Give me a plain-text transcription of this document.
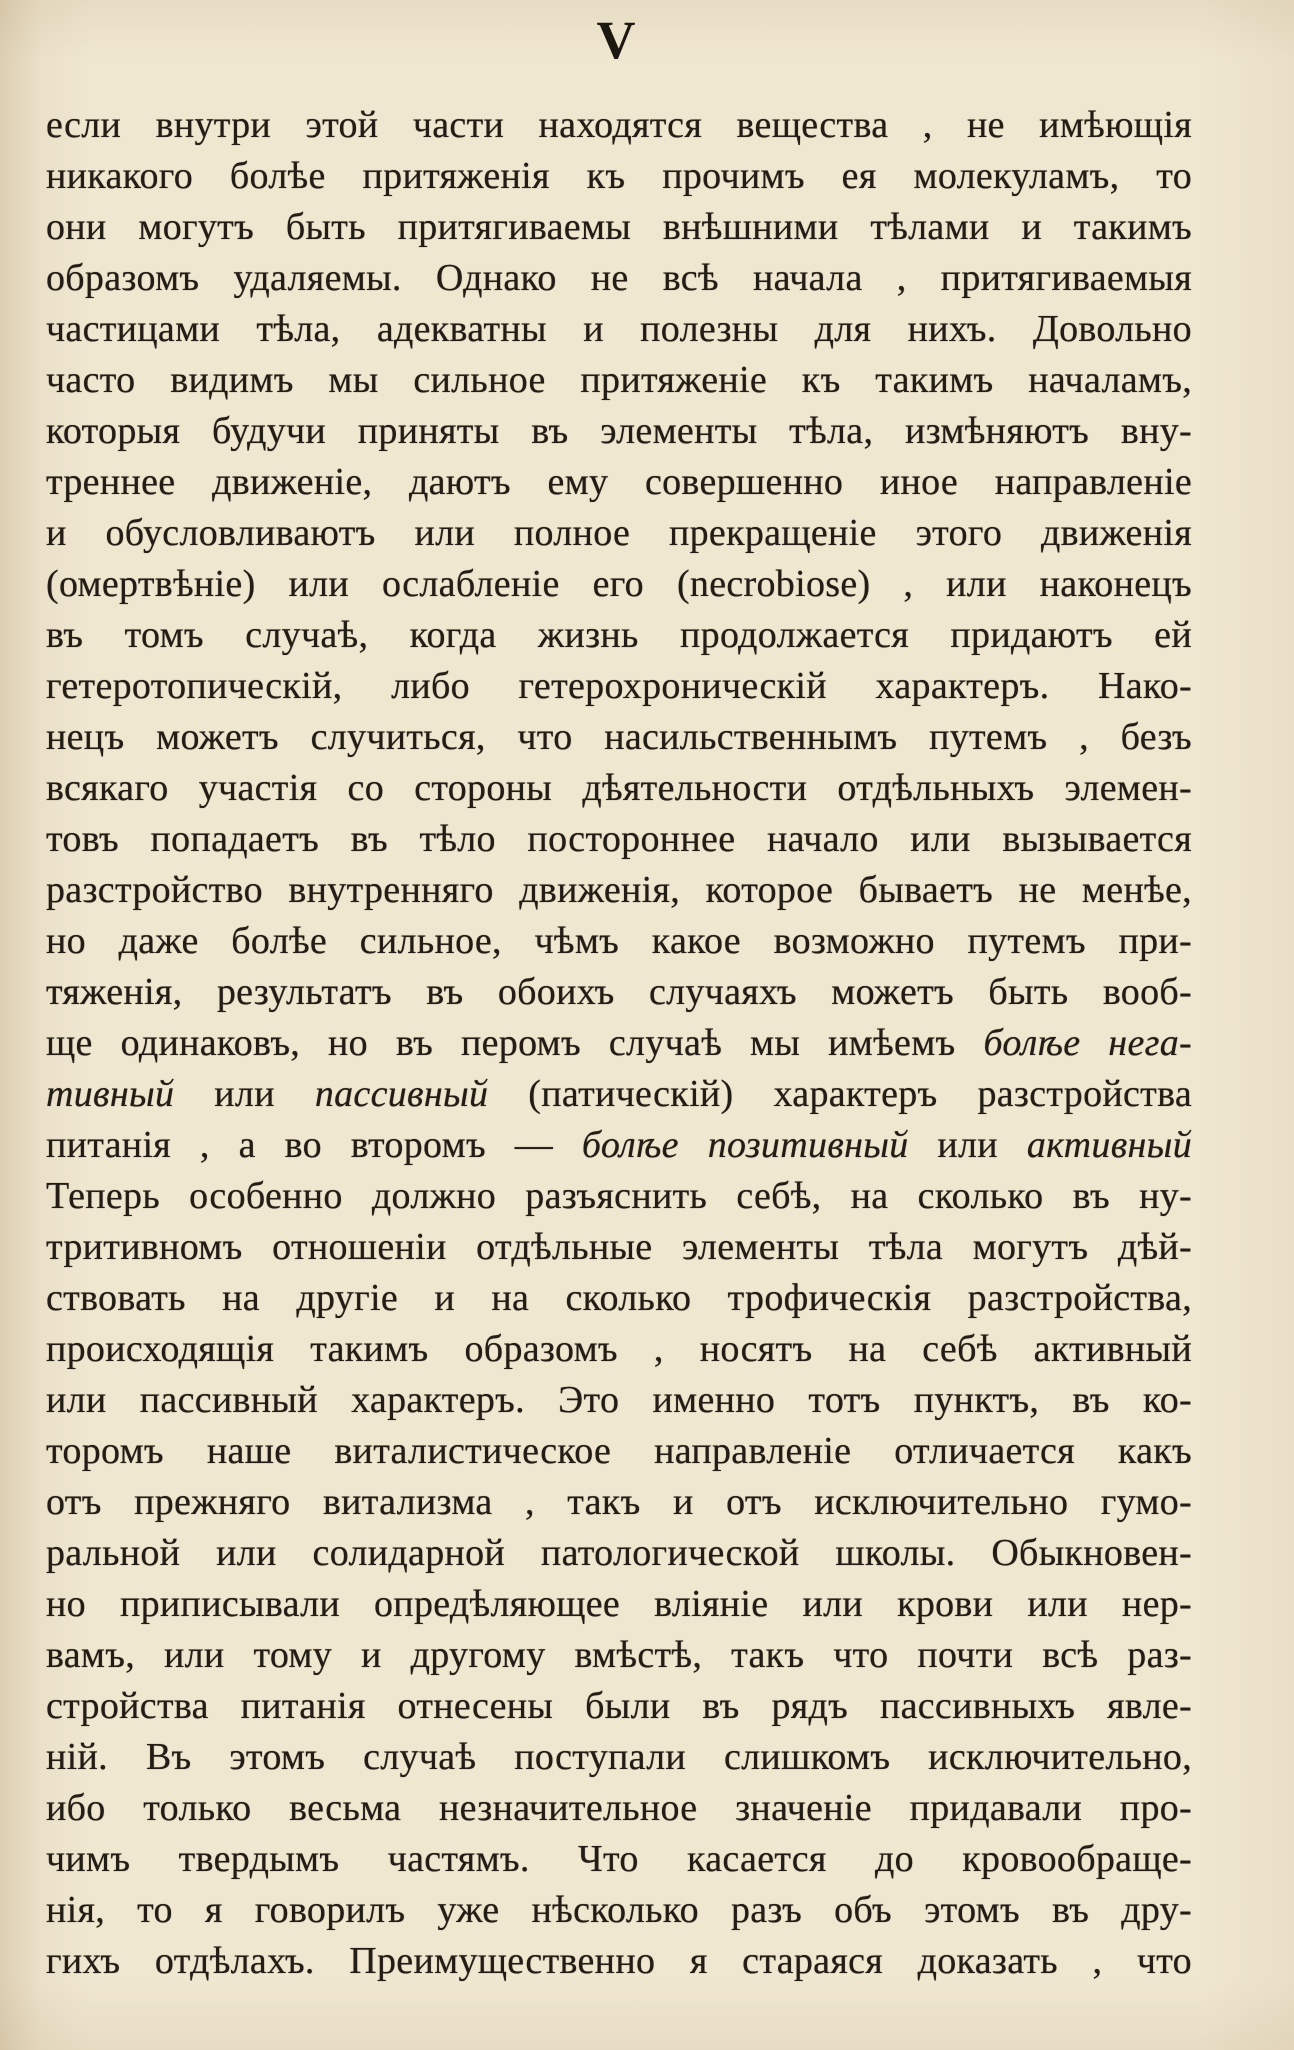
V
если внутри этой части находятся вещества , не имѣющія
никакого болѣе притяженія къ прочимъ ея молекуламъ, то
они могутъ быть притягиваемы внѣшними тѣлами и такимъ
образомъ удаляемы. Однако не всѣ начала , притягиваемыя
частицами тѣла, адекватны и полезны для нихъ. Довольно
часто видимъ мы сильное притяженіе къ такимъ началамъ,
которыя будучи приняты въ элементы тѣла, измѣняютъ вну-
треннее движеніе, даютъ ему совершенно иное направленіе
и обусловливаютъ или полное прекращеніе этого движенія
(омертвѣніе) или ослабленіе его (necrobiose) , или наконецъ
въ томъ случаѣ, когда жизнь продолжается придаютъ ей
гетеротопическій, либо гетерохроническій характеръ. Нако-
нецъ можетъ случиться, что насильственнымъ путемъ , безъ
всякаго участія со стороны дѣятельности отдѣльныхъ элемен-
товъ попадаетъ въ тѣло постороннее начало или вызывается
разстройство внутренняго движенія, которое бываетъ не менѣе,
но даже болѣе сильное, чѣмъ какое возможно путемъ при-
тяженія, результатъ въ обоихъ случаяхъ можетъ быть вооб-
ще одинаковъ, но въ перомъ случаѣ мы имѣемъ болѣе нега-
тивный или пассивный (патическій) характеръ разстройства
питанія , а во второмъ — болѣе позитивный или активный
Теперь особенно должно разъяснить себѣ, на сколько въ ну-
тритивномъ отношеніи отдѣльные элементы тѣла могутъ дѣй-
ствовать на другіе и на сколько трофическія разстройства,
происходящія такимъ образомъ , носятъ на себѣ активный
или пассивный характеръ. Это именно тотъ пунктъ, въ ко-
торомъ наше виталистическое направленіе отличается какъ
отъ прежняго витализма , такъ и отъ исключительно гумо-
ральной или солидарной патологической школы. Обыкновен-
но приписывали опредѣляющее вліяніе или крови или нер-
вамъ, или тому и другому вмѣстѣ, такъ что почти всѣ раз-
стройства питанія отнесены были въ рядъ пассивныхъ явле-
ній. Въ этомъ случаѣ поступали слишкомъ исключительно,
ибо только весьма незначительное значеніе придавали про-
чимъ твердымъ частямъ. Что касается до кровообраще-
нія, то я говорилъ уже нѣсколько разъ объ этомъ въ дру-
гихъ отдѣлахъ. Преимущественно я стараяся доказать , что
